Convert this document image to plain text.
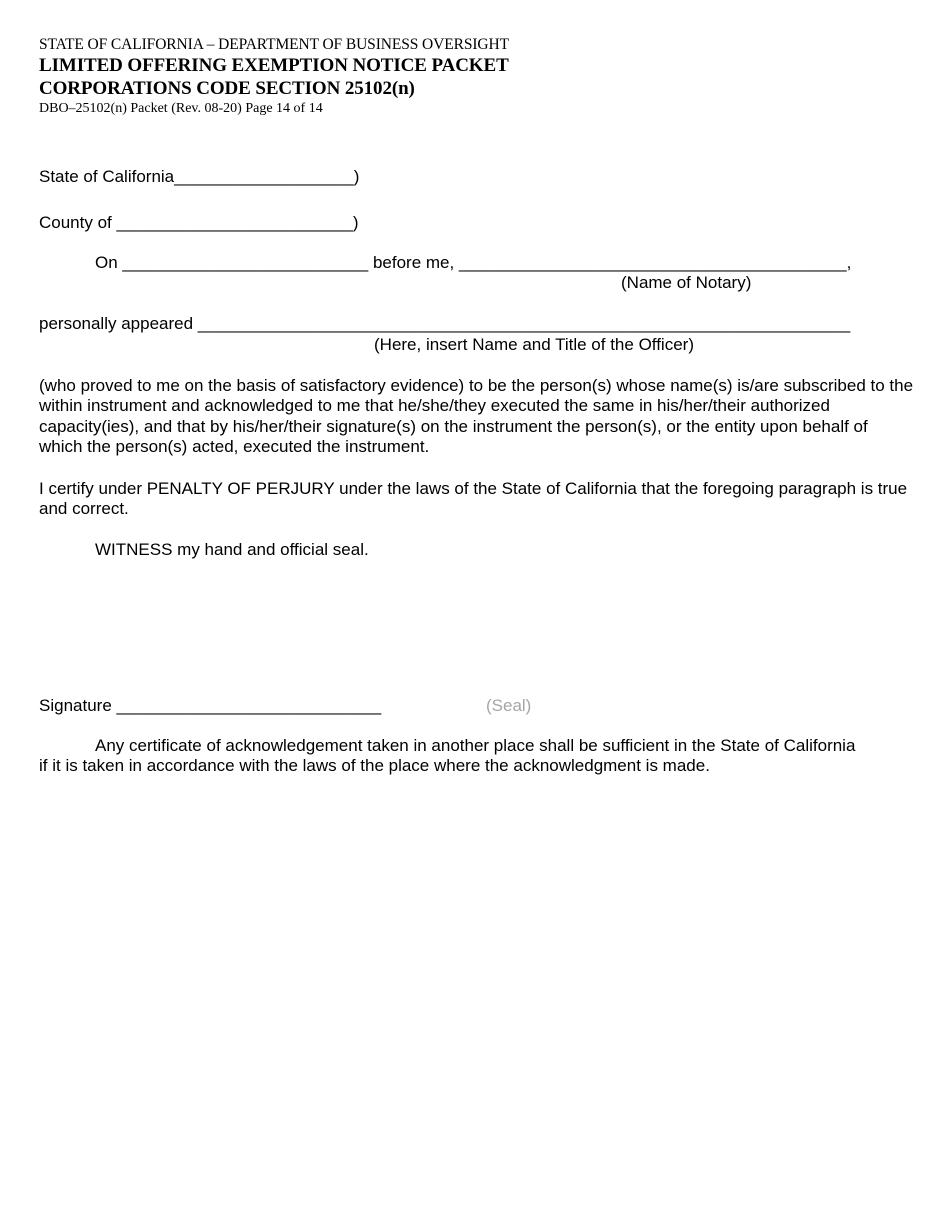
STATE OF CALIFORNIA – DEPARTMENT OF BUSINESS OVERSIGHT
LIMITED OFFERING EXEMPTION NOTICE PACKET
CORPORATIONS CODE SECTION 25102(n)
DBO–25102(n) Packet (Rev. 08-20) Page 14 of 14
State of California___________________)
County of _________________________)
On __________________________ before me, _________________________________________,
(Name of Notary)
personally appeared _____________________________________________________________________
(Here, insert Name and Title of the Officer)
(who proved to me on the basis of satisfactory evidence) to be the person(s) whose name(s) is/are subscribed to the within instrument and acknowledged to me that he/she/they executed the same in his/her/their authorized capacity(ies), and that by his/her/their signature(s) on the instrument the person(s), or the entity upon behalf of which the person(s) acted, executed the instrument.
I certify under PENALTY OF PERJURY under the laws of the State of California that the foregoing paragraph is true and correct.
WITNESS my hand and official seal.
Signature ____________________________	(Seal)
Any certificate of acknowledgement taken in another place shall be sufficient in the State of California
if it is taken in accordance with the laws of the place where the acknowledgment is made.
